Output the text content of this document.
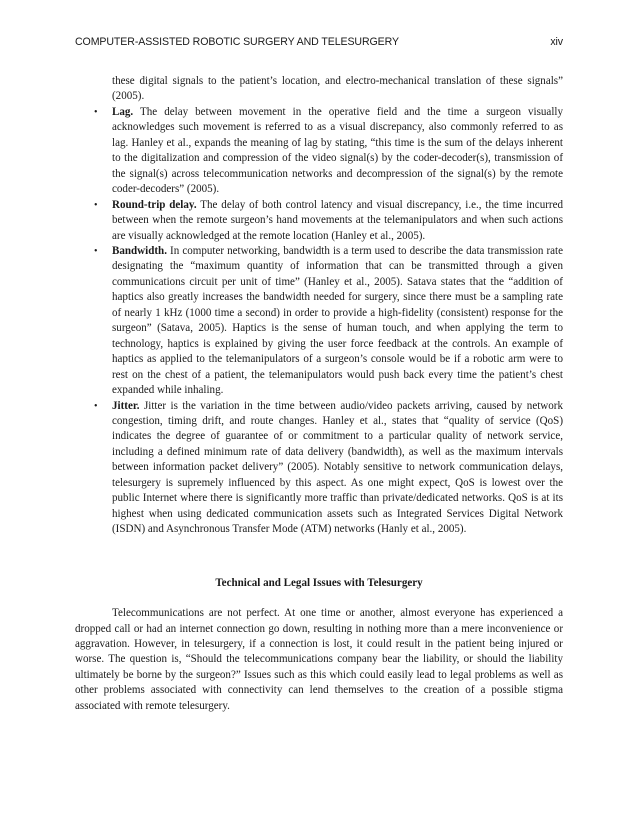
COMPUTER-ASSISTED ROBOTIC SURGERY AND TELESURGERY	xiv
these digital signals to the patient’s location, and electro-mechanical translation of these signals” (2005).
• Lag. The delay between movement in the operative field and the time a surgeon visually acknowledges such movement is referred to as a visual discrepancy, also commonly referred to as lag. Hanley et al., expands the meaning of lag by stating, “this time is the sum of the delays inherent to the digitalization and compression of the video signal(s) by the coder-decoder(s), transmission of the signal(s) across telecommunication networks and decompression of the signal(s) by the remote coder-decoders” (2005).
• Round-trip delay. The delay of both control latency and visual discrepancy, i.e., the time incurred between when the remote surgeon’s hand movements at the telemanipulators and when such actions are visually acknowledged at the remote location (Hanley et al., 2005).
• Bandwidth. In computer networking, bandwidth is a term used to describe the data transmission rate designating the “maximum quantity of information that can be transmitted through a given communications circuit per unit of time” (Hanley et al., 2005). Satava states that the “addition of haptics also greatly increases the bandwidth needed for surgery, since there must be a sampling rate of nearly 1 kHz (1000 time a second) in order to provide a high-fidelity (consistent) response for the surgeon” (Satava, 2005). Haptics is the sense of human touch, and when applying the term to technology, haptics is explained by giving the user force feedback at the controls. An example of haptics as applied to the telemanipulators of a surgeon’s console would be if a robotic arm were to rest on the chest of a patient, the telemanipulators would push back every time the patient’s chest expanded while inhaling.
• Jitter. Jitter is the variation in the time between audio/video packets arriving, caused by network congestion, timing drift, and route changes. Hanley et al., states that “quality of service (QoS) indicates the degree of guarantee of or commitment to a particular quality of network service, including a defined minimum rate of data delivery (bandwidth), as well as the maximum intervals between information packet delivery” (2005). Notably sensitive to network communication delays, telesurgery is supremely influenced by this aspect. As one might expect, QoS is lowest over the public Internet where there is significantly more traffic than private/dedicated networks. QoS is at its highest when using dedicated communication assets such as Integrated Services Digital Network (ISDN) and Asynchronous Transfer Mode (ATM) networks (Hanly et al., 2005).
Technical and Legal Issues with Telesurgery

Telecommunications are not perfect. At one time or another, almost everyone has experienced a dropped call or had an internet connection go down, resulting in nothing more than a mere inconvenience or aggravation. However, in telesurgery, if a connection is lost, it could result in the patient being injured or worse. The question is, “Should the telecommunications company bear the liability, or should the liability ultimately be borne by the surgeon?” Issues such as this which could easily lead to legal problems as well as other problems associated with connectivity can lend themselves to the creation of a possible stigma associated with remote telesurgery.
